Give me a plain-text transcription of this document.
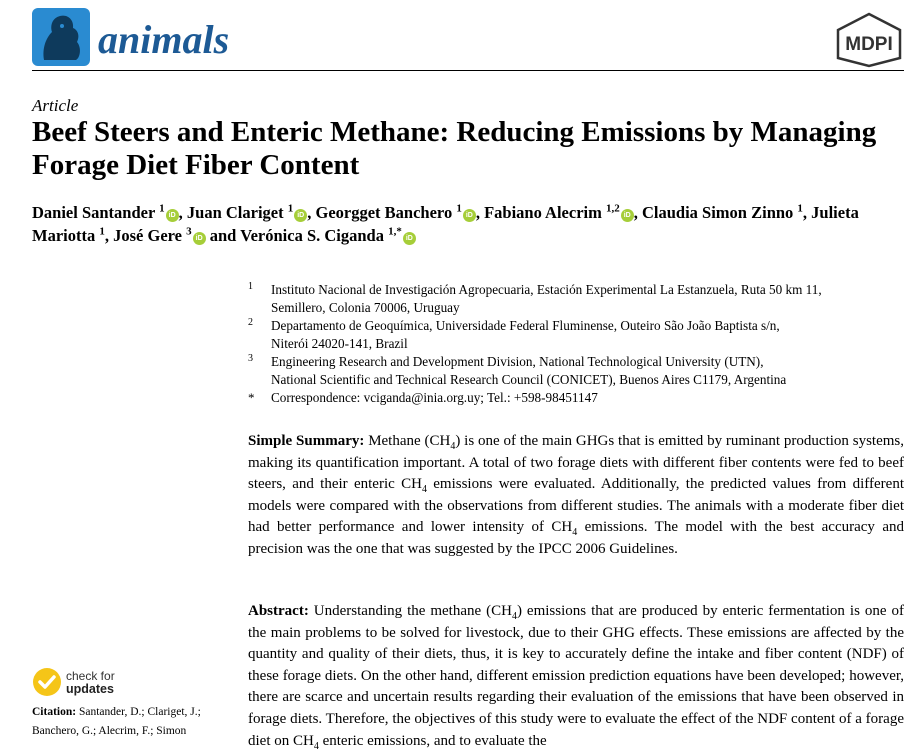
animals	MDPI
Article
Beef Steers and Enteric Methane: Reducing Emissions by Managing Forage Diet Fiber Content
Daniel Santander $^1$iD , Juan Clariget $^1$iD , Georgget Banchero $^1$iD , Fabiano Alecrim $^{1,2}$iD , Claudia Simon Zinno $^1$, Julieta Mariotta $^1$, José Gere $^3$iD and Verónica S. Ciganda $^{1,*}$iD
1 Instituto Nacional de Investigación Agropecuaria, Estación Experimental La Estanzuela, Ruta 50 km 11,
Semillero, Colonia 70006, Uruguay
2 Departamento de Geoquímica, Universidade Federal Fluminense, Outeiro São João Baptista s/n,
Niterói 24020-141, Brazil
3 Engineering Research and Development Division, National Technological University (UTN),
National Scientific and Technical Research Council (CONICET), Buenos Aires C1179, Argentina
* Correspondence: vciganda@inia.org.uy; Tel.: +598-98451147
Simple Summary: Methane $(CH_4)$ is one of the main GHGs that is emitted by ruminant production systems, making its quantification important. A total of two forage diets with different fiber contents were fed to beef steers, and their enteric $CH_4$ emissions were evaluated. Additionally, the predicted values from different models were compared with the observations from different studies. The animals with a moderate fiber diet had better performance and lower intensity of $CH_4$ emissions. The model with the best accuracy and precision was the one that was suggested by the IPCC 2006 Guidelines.
Abstract: Understanding the methane $(CH_4)$ emissions that are produced by enteric fermentation is one of the main problems to be solved for livestock, due to their GHG effects. These emissions are affected by the quantity and quality of their diets, thus, it is key to accurately define the intake and fiber content (NDF) of these forage diets. On the other hand, different emission prediction equations have been developed; however, there are scarce and uncertain results regarding their evaluation of the emissions that have been observed in forage diets. Therefore, the objectives of this study were to evaluate the effect of the NDF content of a forage diet on $CH_4$ enteric emissions, and to evaluate the
check for
updates
Citation: Santander, D.; Clariget, J.; Banchero, G.; Alecrim, F.; Simon
